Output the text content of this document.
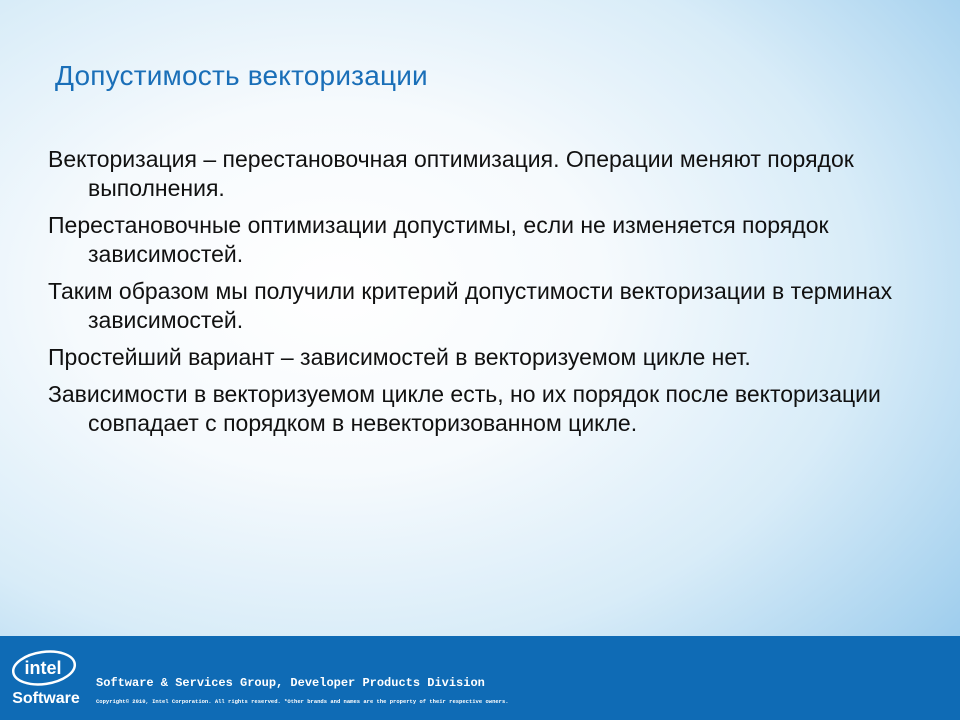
Допустимость векторизации
Векторизация – перестановочная оптимизация. Операции меняют порядок выполнения.
Перестановочные оптимизации допустимы, если не изменяется порядок зависимостей.
Таким образом мы получили критерий допустимости векторизации в терминах зависимостей.
Простейший вариант – зависимостей в векторизуемом цикле нет.
Зависимости в векторизуемом цикле есть, но их порядок после векторизации совпадает с порядком в невекторизованном цикле.
intel
Software
Software & Services Group, Developer Products Division
Copyright© 2010, Intel Corporation. All rights reserved. *Other brands and names are the property of their respective owners.
